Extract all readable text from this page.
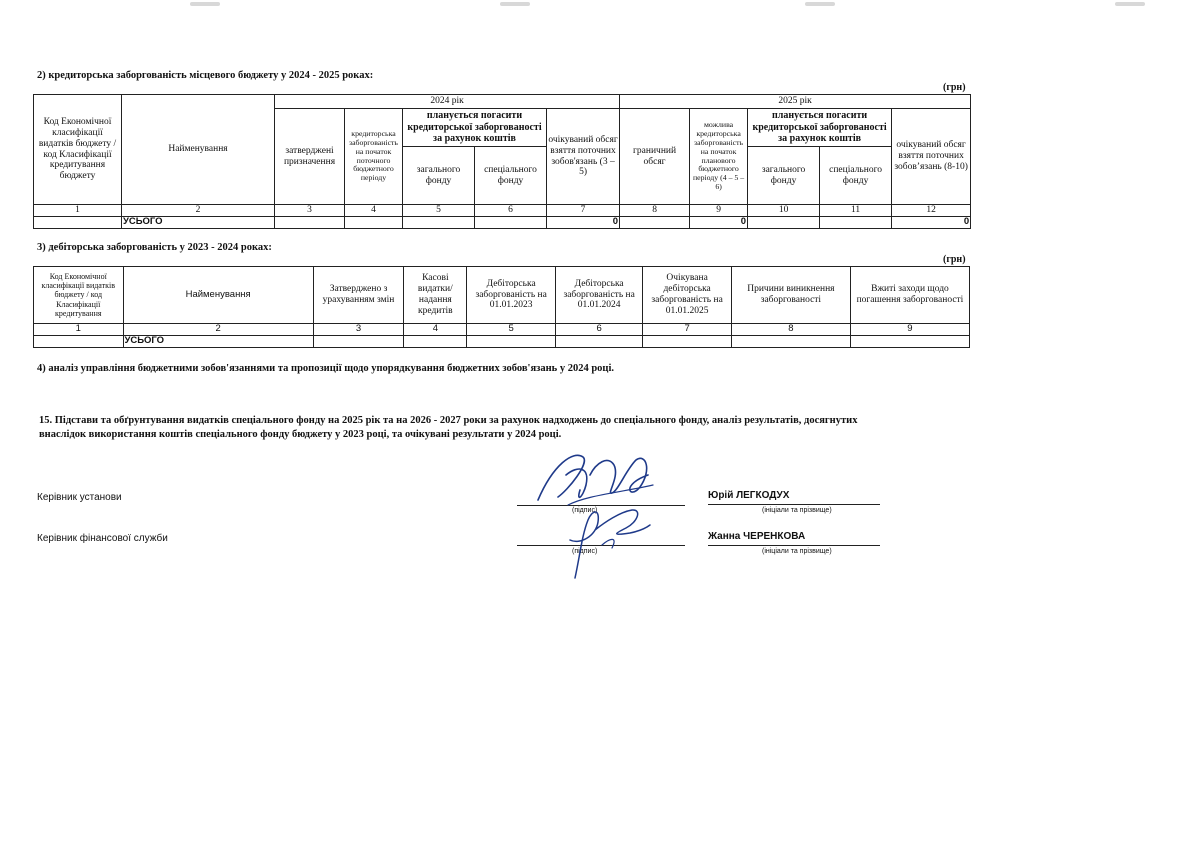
2) кредиторська заборгованість місцевого бюджету у 2024 - 2025 роках:
(грн)
Код Економічної класифікації видатків бюджету / код Класифікації кредитування бюджету	Найменування	2024 рік					2025 рік				
		затверджені призначення	кредиторська заборгованість на початок поточного бюджетного періоду	планується погасити кредиторської заборгованості за рахунок коштів		очікуваний обсяг взяття поточних зобов'язань (3 – 5)	граничний обсяг	можлива кредиторська заборгованість на початок планового бюджетного періоду (4 – 5 – 6)	планується погасити кредиторської заборгованості за рахунок коштів		очікуваний обсяг взяття поточних зобов’язань (8-10)
				загального фонду	спеціального фонду				загального фонду	спеціального фонду	
1	2	3	4	5	6	7	8	9	10	11	12
	УСЬОГО					0		0			0
3) дебіторська заборгованість у 2023 - 2024 роках:
(грн)
Код Економічної класифікації видатків бюджету / код Класифікації кредитування	Найменування	Затверджено з урахуванням змін	Касові видатки/ надання кредитів	Дебіторська заборгованість на 01.01.2023	Дебіторська заборгованість на 01.01.2024	Очікувана дебіторська заборгованість на 01.01.2025	Причини виникнення заборгованості	Вжиті заходи щодо погашення заборгованості
1	2	3	4	5	6	7	8	9
	УСЬОГО							
4) аналіз управління бюджетними зобов'язаннями та пропозиції щодо упорядкування бюджетних зобов'язань у 2024 році.
15. Підстави та обґрунтування видатків спеціального фонду на 2025 рік та на 2026 - 2027 роки за рахунок надходжень до спеціального фонду, аналіз результатів, досягнутих
внаслідок використання коштів спеціального фонду бюджету у 2023 році, та очікувані результати у 2024 році.
Керівник установи
(підпис)
Юрій ЛЕГКОДУХ
(ініціали та прізвище)
Керівник фінансової служби
(підпис)
Жанна ЧЕРЕНКОВА
(ініціали та прізвище)
